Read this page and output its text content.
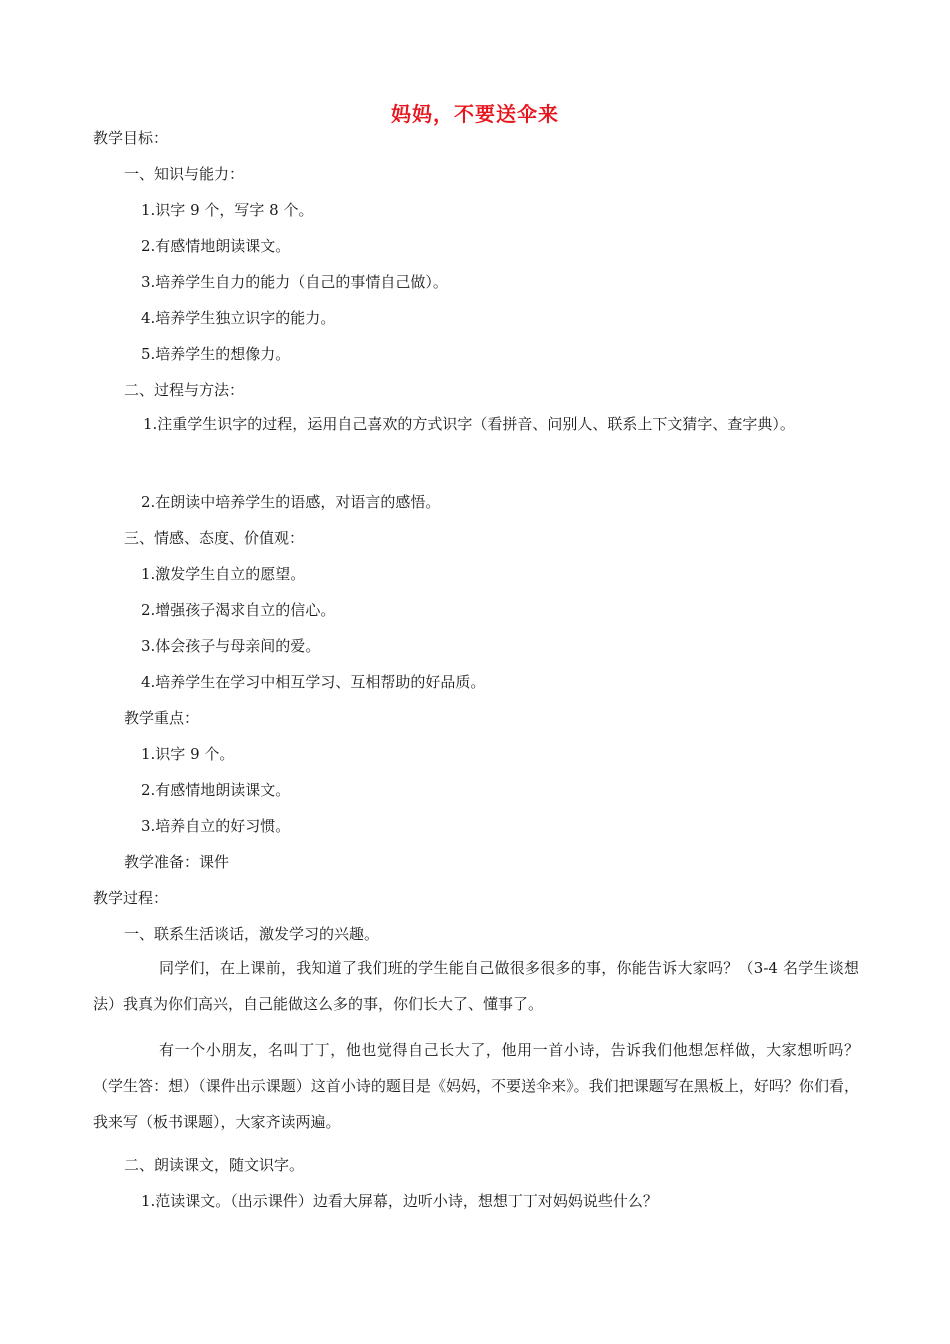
妈妈，不要送伞来
教学目标：
一、知识与能力：
1.识字 9 个，写字 8 个。
2.有感情地朗读课文。
3.培养学生自力的能力（自己的事情自己做）。
4.培养学生独立识字的能力。
5.培养学生的想像力。
二、过程与方法：
1.注重学生识字的过程，运用自己喜欢的方式识字（看拼音、问别人、联系上下文猜字、查字典）。
2.在朗读中培养学生的语感，对语言的感悟。
三、情感、态度、价值观：
1.激发学生自立的愿望。
2.增强孩子渴求自立的信心。
3.体会孩子与母亲间的爱。
4.培养学生在学习中相互学习、互相帮助的好品质。
教学重点：
1.识字 9 个。
2.有感情地朗读课文。
3.培养自立的好习惯。
教学准备：课件
教学过程：
一、联系生活谈话，激发学习的兴趣。
同学们，在上课前，我知道了我们班的学生能自己做很多很多的事，你能告诉大家吗？（3-4 名学生谈想法）我真为你们高兴，自己能做这么多的事，你们长大了、懂事了。
有一个小朋友，名叫丁丁，他也觉得自己长大了，他用一首小诗，告诉我们他想怎样做，大家想听吗？（学生答：想）（课件出示课题）这首小诗的题目是《妈妈，不要送伞来》。我们把课题写在黑板上，好吗？你们看，我来写（板书课题），大家齐读两遍。
二、朗读课文，随文识字。
1.范读课文。（出示课件）边看大屏幕，边听小诗，想想丁丁对妈妈说些什么？
